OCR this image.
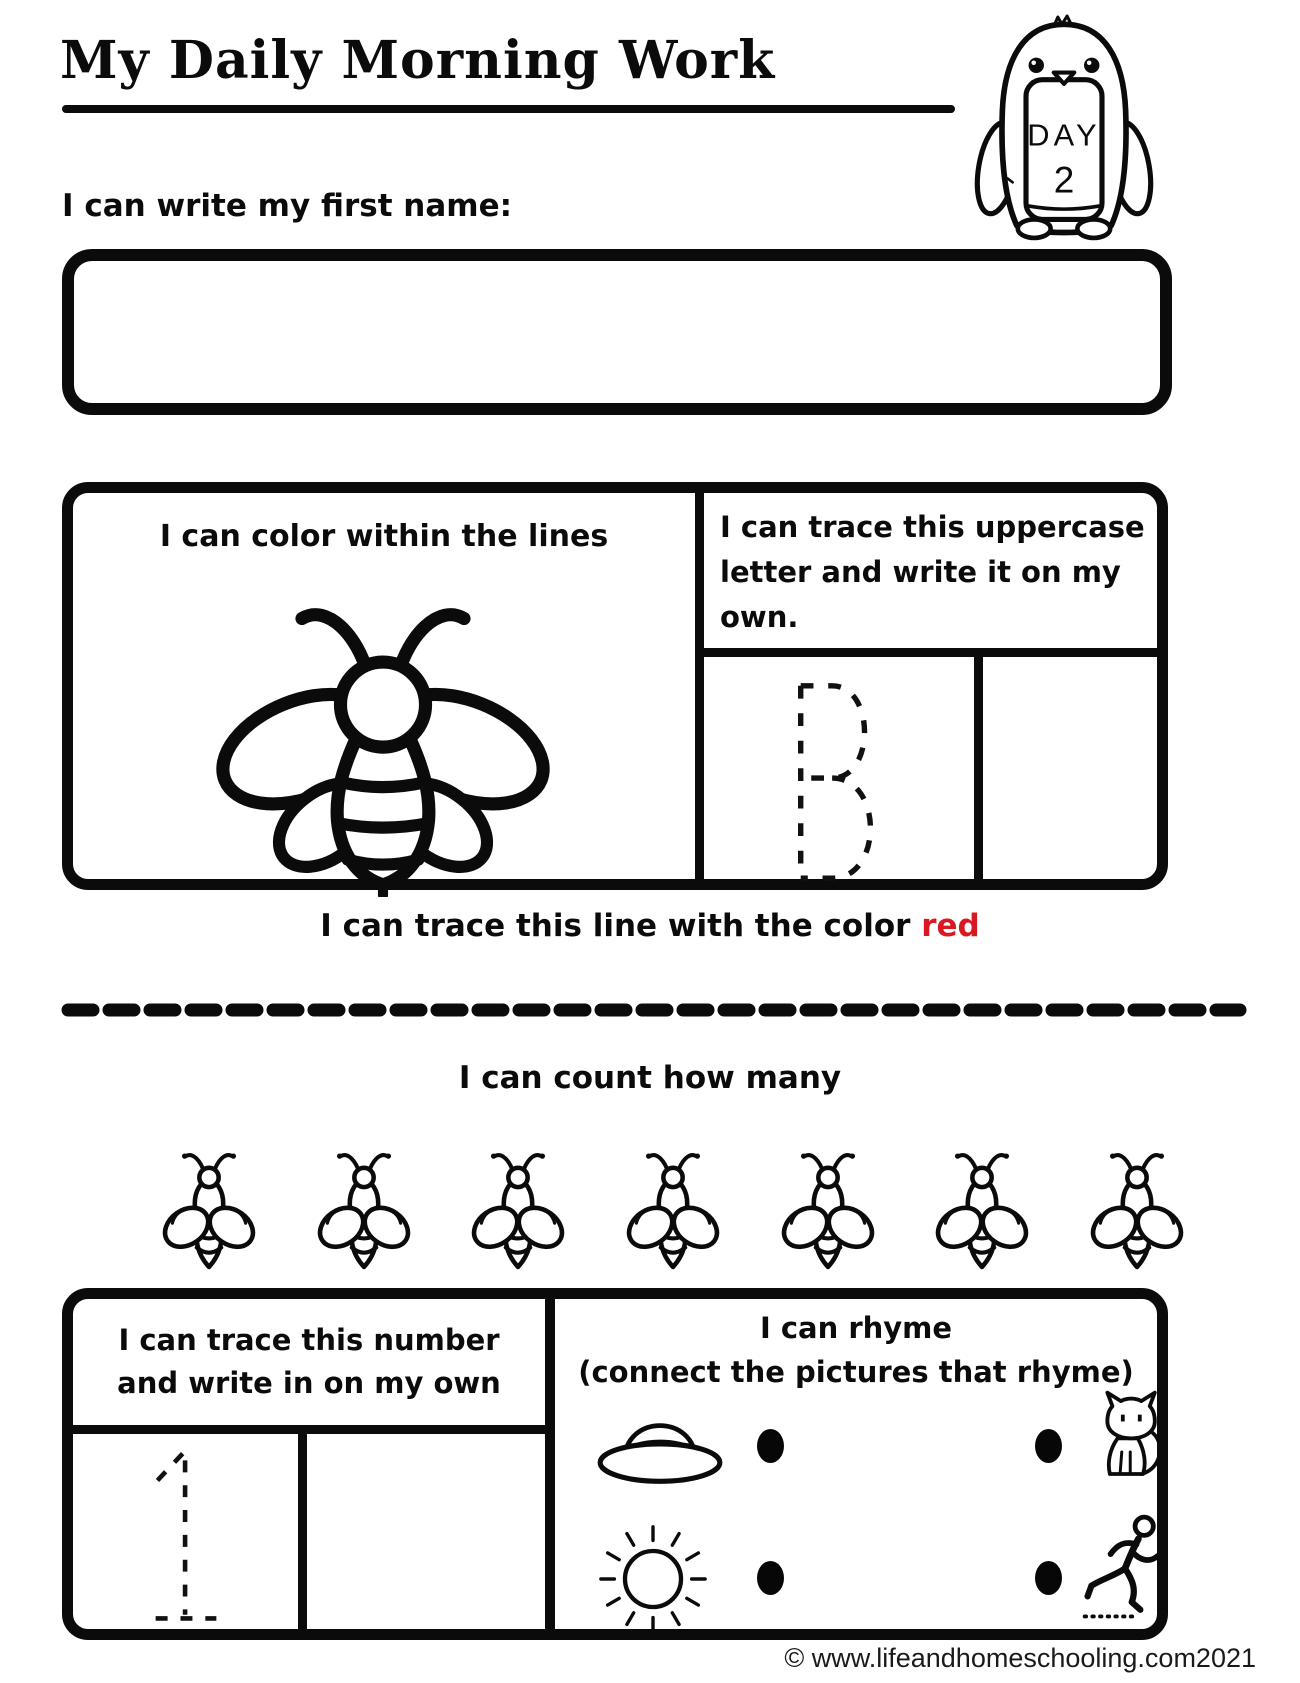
My Daily Morning Work
DAY
2
I can write my first name:
I can color within the lines	I can trace this uppercase
letter and write it on my own.
I can trace this line with the color red
I can count how many
I can trace this number
and write in on my own
I can rhyme
(connect the pictures that rhyme)
© www.lifeandhomeschooling.com2021
